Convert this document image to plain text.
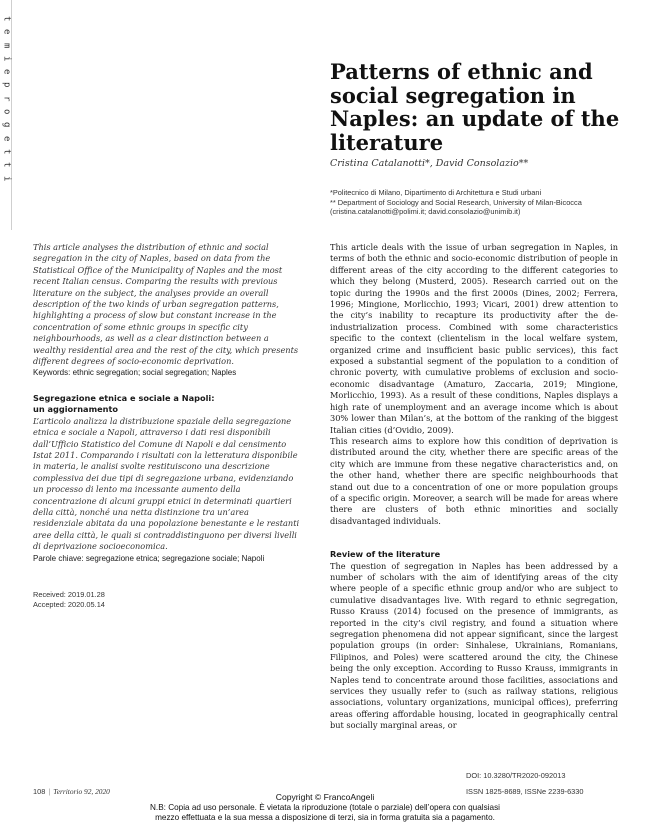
t
e
m
i
e
p
r
o
g
e
t
t
i
Patterns of ethnic and social segregation in Naples: an update of the literature
Cristina Catalanotti*, David Consolazio**
*Politecnico di Milano, Dipartimento di Architettura e Studi urbani
** Department of Sociology and Social Research, University of Milan-Bicocca
(cristina.catalanotti@polimi.it; david.consolazio@unimib.it)

This article analyses the distribution of ethnic and social segregation in the city of Naples, based on data from the Statistical Office of the Municipality of Naples and the most recent Italian census. Comparing the results with previous literature on the subject, the analyses provide an overall description of the two kinds of urban segregation patterns, highlighting a process of slow but constant increase in the concentration of some ethnic groups in specific city neighbourhoods, as well as a clear distinction between a wealthy residential area and the rest of the city, which presents different degrees of socio-economic deprivation.

Keywords: ethnic segregation; social segregation; Naples

Segregazione etnica e sociale a Napoli:
un aggiornamento

L’articolo analizza la distribuzione spaziale della segregazione etnica e sociale a Napoli, attraverso i dati resi disponibili dall’Ufficio Statistico del Comune di Napoli e dal censimento Istat 2011. Comparando i risultati con la letteratura disponibile in materia, le analisi svolte restituiscono una descrizione complessiva dei due tipi di segregazione urbana, evidenziando un processo di lento ma incessante aumento della concentrazione di alcuni gruppi etnici in determinati quartieri della città, nonché una netta distinzione tra un’area residenziale abitata da una popolazione benestante e le restanti aree della città, le quali si contraddistinguono per diversi livelli di deprivazione socioeconomica.

Parole chiave: segregazione etnica; segregazione sociale; Napoli

Received: 2019.01.28
Accepted: 2020.05.14

This article deals with the issue of urban segregation in Naples, in terms of both the ethnic and socio-economic distribution of people in different areas of the city according to the different categories to which they belong (Musterd, 2005). Research carried out on the topic during the 1990s and the first 2000s (Dines, 2002; Ferrera, 1996; Mingione, Morlicchio, 1993; Vicari, 2001) drew attention to the city’s inability to recapture its productivity after the de-industrialization process. Combined with some characteristics specific to the context (clientelism in the local welfare system, organized crime and insufficient basic public services), this fact exposed a substantial segment of the population to a condition of chronic poverty, with cumulative problems of exclusion and socio-economic disadvantage (Amaturo, Zaccaria, 2019; Mingione, Morlicchio, 1993). As a result of these conditions, Naples displays a high rate of unemployment and an average income which is about 30% lower than Milan’s, at the bottom of the ranking of the biggest Italian cities (d’Ovidio, 2009).

This research aims to explore how this condition of deprivation is distributed around the city, whether there are specific areas of the city which are immune from these negative characteristics and, on the other hand, whether there are specific neighbourhoods that stand out due to a concentration of one or more population groups of a specific origin. Moreover, a search will be made for areas where there are clusters of both ethnic minorities and socially disadvantaged individuals.

Review of the literature

The question of segregation in Naples has been addressed by a number of scholars with the aim of identifying areas of the city where people of a specific ethnic group and/or who are subject to cumulative disadvantages live. With regard to ethnic segregation, Russo Krauss (2014) focused on the presence of immigrants, as reported in the city’s civil registry, and found a situation where segregation phenomena did not appear significant, since the largest population groups (in order: Sinhalese, Ukrainians, Romanians, Filipinos, and Poles) were scattered around the city, the Chinese being the only exception. According to Russo Krauss, immigrants in Naples tend to concentrate around those facilities, associations and services they usually refer to (such as railway stations, religious associations, voluntary organizations, municipal offices), preferring areas offering affordable housing, located in geographically central but socially marginal areas, or

DOI: 10.3280/TR2020-092013
108 | Territorio 92, 2020	ISSN 1825-8689, ISSNe 2239-6330
Copyright © FrancoAngeli
N.B: Copia ad uso personale. È vietata la riproduzione (totale o parziale) dell’opera con qualsiasi
mezzo effettuata e la sua messa a disposizione di terzi, sia in forma gratuita sia a pagamento.
